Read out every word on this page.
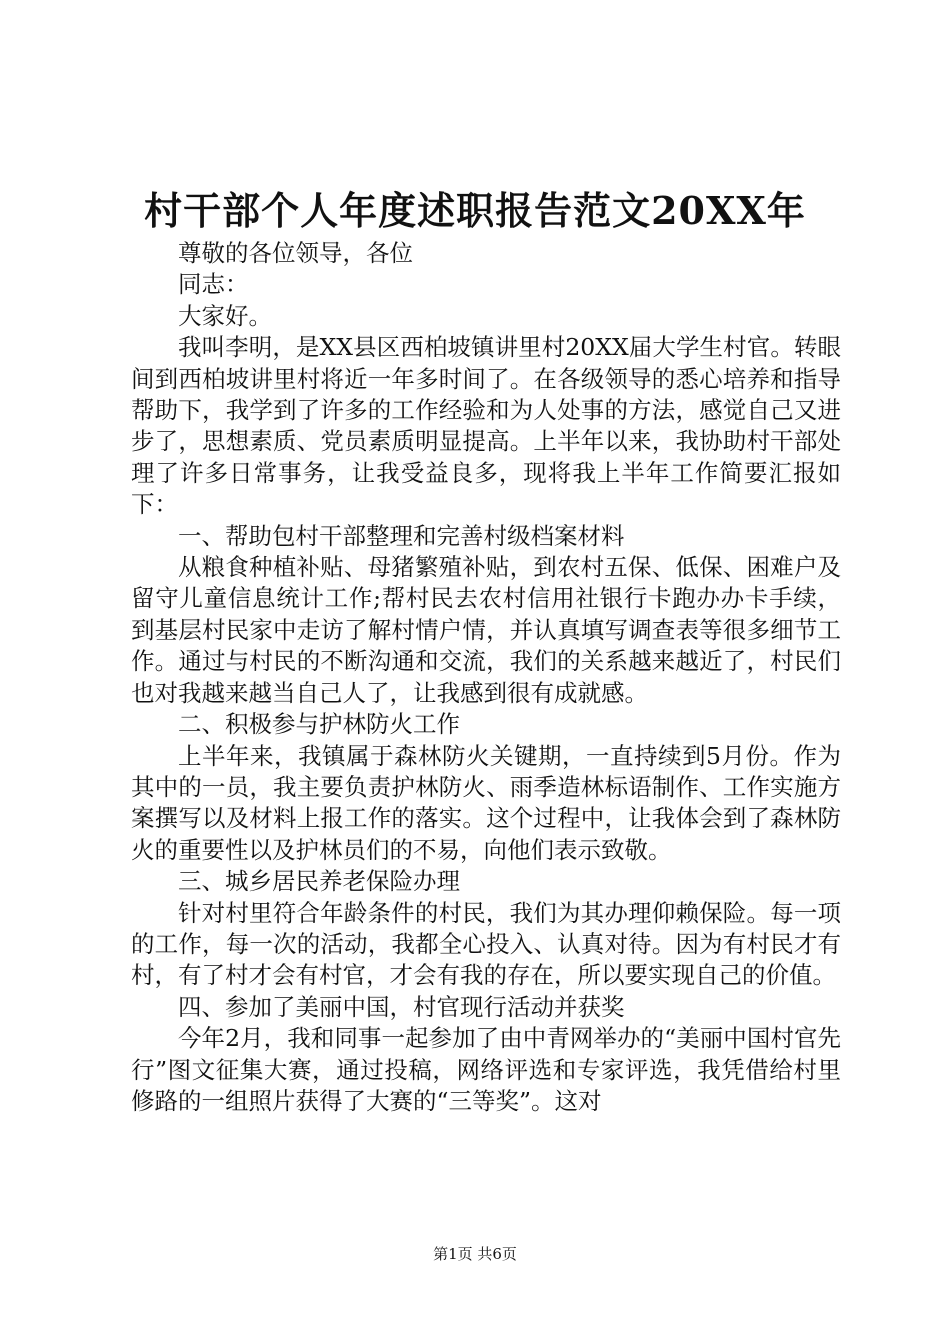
村干部个人年度述职报告范文20XX年

尊敬的各位领导，各位

同志：

大家好。

我叫李明，是XX县区西柏坡镇讲里村20XX届大学生村官。转眼间到西柏坡讲里村将近一年多时间了。在各级领导的悉心培养和指导帮助下，我学到了许多的工作经验和为人处事的方法，感觉自己又进步了，思想素质、党员素质明显提高。上半年以来，我协助村干部处理了许多日常事务，让我受益良多，现将我上半年工作简要汇报如下：

一、帮助包村干部整理和完善村级档案材料

从粮食种植补贴、母猪繁殖补贴，到农村五保、低保、困难户及留守儿童信息统计工作;帮村民去农村信用社银行卡跑办办卡手续，到基层村民家中走访了解村情户情，并认真填写调查表等很多细节工作。通过与村民的不断沟通和交流，我们的关系越来越近了，村民们也对我越来越当自己人了，让我感到很有成就感。

二、积极参与护林防火工作

上半年来，我镇属于森林防火关键期，一直持续到5月份。作为其中的一员，我主要负责护林防火、雨季造林标语制作、工作实施方案撰写以及材料上报工作的落实。这个过程中，让我体会到了森林防火的重要性以及护林员们的不易，向他们表示致敬。

三、城乡居民养老保险办理

针对村里符合年龄条件的村民，我们为其办理仰赖保险。每一项的工作，每一次的活动，我都全心投入、认真对待。因为有村民才有村，有了村才会有村官，才会有我的存在，所以要实现自己的价值。

四、参加了美丽中国，村官现行活动并获奖

今年2月，我和同事一起参加了由中青网举办的“美丽中国村官先行”图文征集大赛，通过投稿，网络评选和专家评选，我凭借给村里修路的一组照片获得了大赛的“三等奖”。这对

第1页 共6页
